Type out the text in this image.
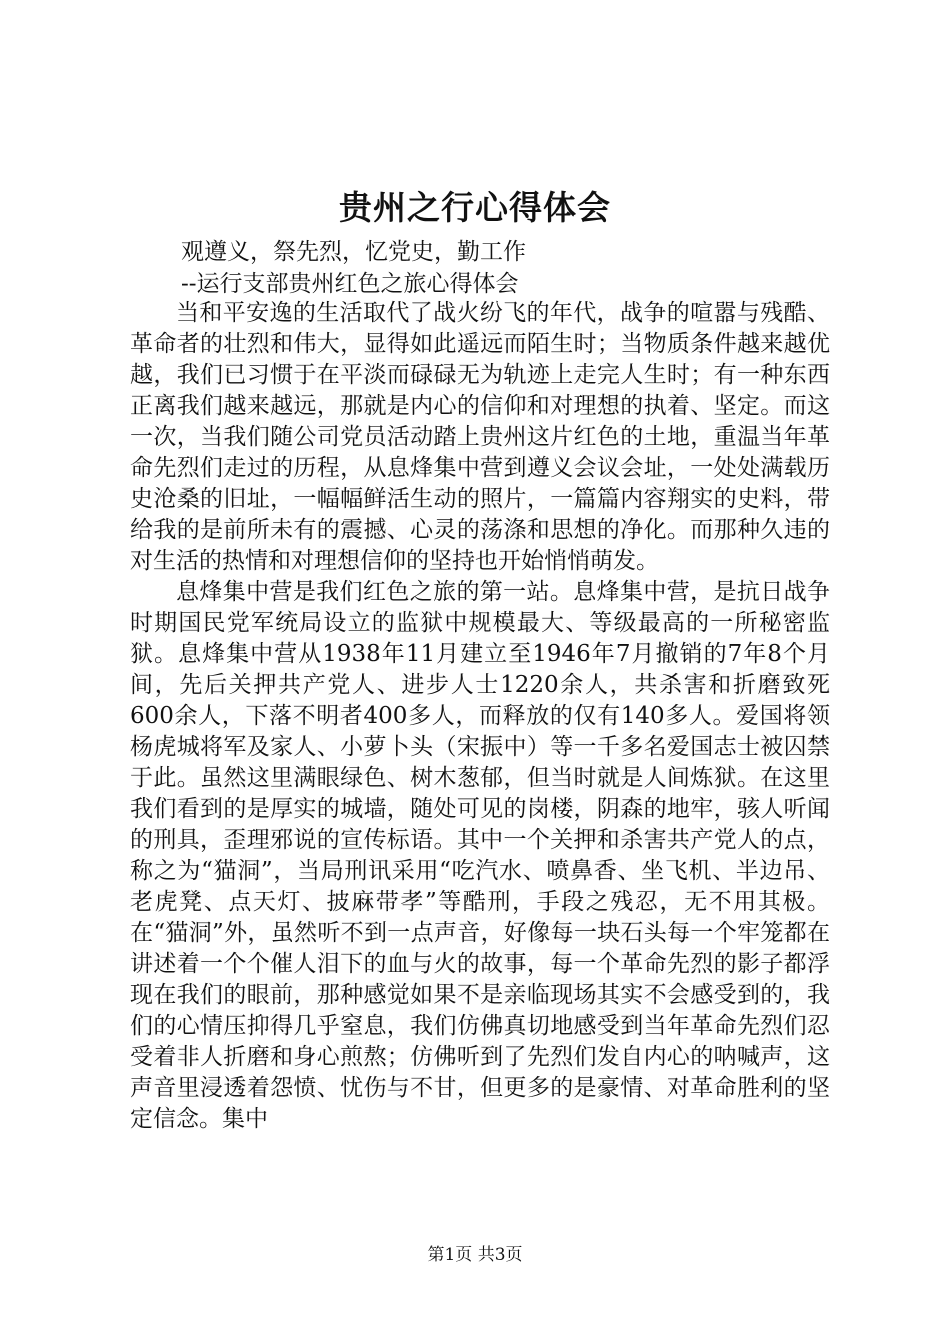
贵州之行心得体会
观遵义，祭先烈，忆党史，勤工作
--运行支部贵州红色之旅心得体会

当和平安逸的生活取代了战火纷飞的年代，战争的喧嚣与残酷、革命者的壮烈和伟大，显得如此遥远而陌生时；当物质条件越来越优越，我们已习惯于在平淡而碌碌无为轨迹上走完人生时；有一种东西正离我们越来越远，那就是内心的信仰和对理想的执着、坚定。而这一次，当我们随公司党员活动踏上贵州这片红色的土地，重温当年革命先烈们走过的历程，从息烽集中营到遵义会议会址，一处处满载历史沧桑的旧址，一幅幅鲜活生动的照片，一篇篇内容翔实的史料，带给我的是前所未有的震撼、心灵的荡涤和思想的净化。而那种久违的对生活的热情和对理想信仰的坚持也开始悄悄萌发。

息烽集中营是我们红色之旅的第一站。息烽集中营，是抗日战争时期国民党军统局设立的监狱中规模最大、等级最高的一所秘密监狱。息烽集中营从1938年11月建立至1946年7月撤销的7年8个月间，先后关押共产党人、进步人士1220余人，共杀害和折磨致死600余人，下落不明者400多人，而释放的仅有140多人。爱国将领杨虎城将军及家人、小萝卜头（宋振中）等一千多名爱国志士被囚禁于此。虽然这里满眼绿色、树木葱郁，但当时就是人间炼狱。在这里我们看到的是厚实的城墙，随处可见的岗楼，阴森的地牢，骇人听闻的刑具，歪理邪说的宣传标语。其中一个关押和杀害共产党人的点，称之为“猫洞”，当局刑讯采用“吃汽水、喷鼻香、坐飞机、半边吊、老虎凳、点天灯、披麻带孝”等酷刑，手段之残忍，无不用其极。在“猫洞”外，虽然听不到一点声音，好像每一块石头每一个牢笼都在讲述着一个个催人泪下的血与火的故事，每一个革命先烈的影子都浮现在我们的眼前，那种感觉如果不是亲临现场其实不会感受到的，我们的心情压抑得几乎窒息，我们仿佛真切地感受到当年革命先烈们忍受着非人折磨和身心煎熬；仿佛听到了先烈们发自内心的呐喊声，这声音里浸透着怨愤、忧伤与不甘，但更多的是豪情、对革命胜利的坚定信念。集中

第1页 共3页
